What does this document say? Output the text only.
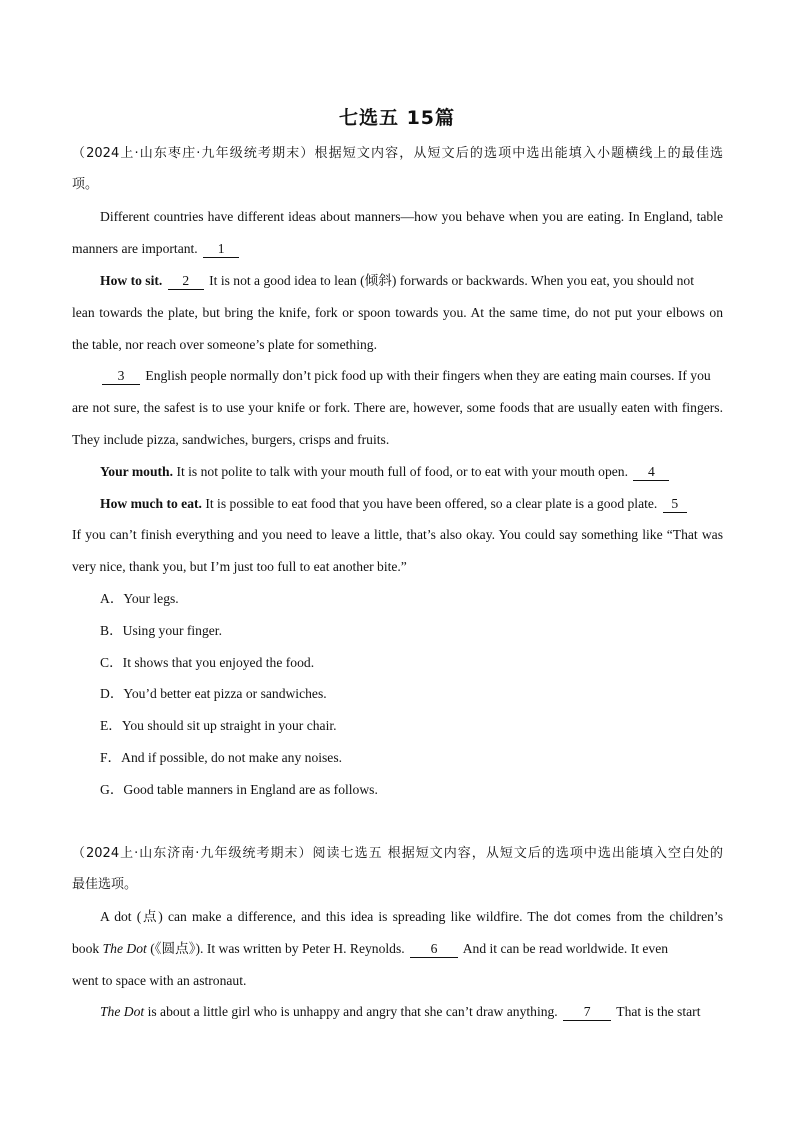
七选五 15篇
（2024上·山东枣庄·九年级统考期末）根据短文内容，从短文后的选项中选出能填入小题横线上的最佳选
项。
Different countries have different ideas about manners—how you behave when you are eating. In England, table
manners are important. 1
How to sit. 2 It is not a good idea to lean (倾斜) forwards or backwards. When you eat, you should not
lean towards the plate, but bring the knife, fork or spoon towards you. At the same time, do not put your elbows on
the table, nor reach over someone’s plate for something.
3 English people normally don’t pick food up with their fingers when they are eating main courses. If you
are not sure, the safest is to use your knife or fork. There are, however, some foods that are usually eaten with fingers.
They include pizza, sandwiches, burgers, crisps and fruits.
Your mouth. It is not polite to talk with your mouth full of food, or to eat with your mouth open. 4
How much to eat. It is possible to eat food that you have been offered, so a clear plate is a good plate. 5
If you can’t finish everything and you need to leave a little, that’s also okay. You could say something like “That was
very nice, thank you, but I’m just too full to eat another bite.”
A．Your legs.
B．Using your finger.
C．It shows that you enjoyed the food.
D．You’d better eat pizza or sandwiches.
E．You should sit up straight in your chair.
F．And if possible, do not make any noises.
G．Good table manners in England are as follows.
（2024上·山东济南·九年级统考期末）阅读七选五 根据短文内容，从短文后的选项中选出能填入空白处的
最佳选项。
A dot (点) can make a difference, and this idea is spreading like wildfire. The dot comes from the children’s
book The Dot (《圆点》). It was written by Peter H. Reynolds. 6 And it can be read worldwide. It even
went to space with an astronaut.
The Dot is about a little girl who is unhappy and angry that she can’t draw anything. 7 That is the start
